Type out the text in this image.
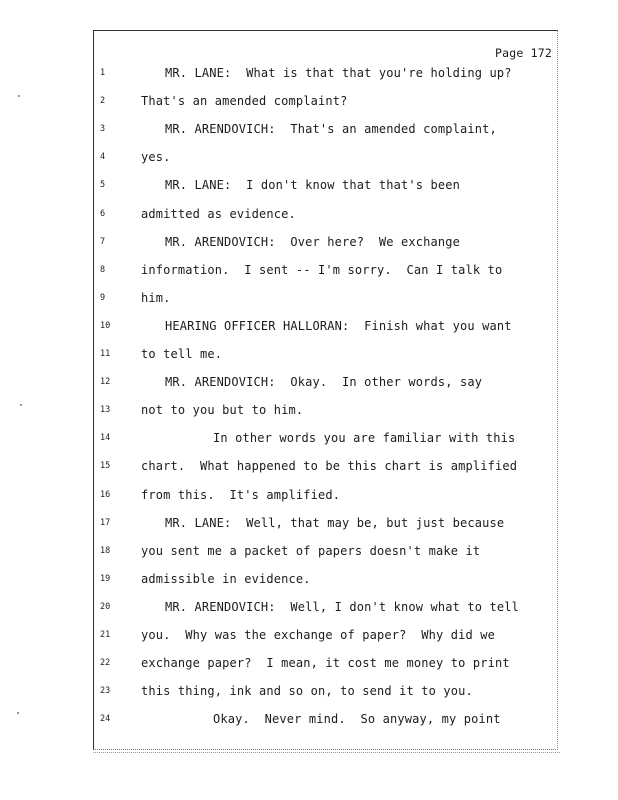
Page 172
1	MR. LANE:  What is that that you're holding up?
2	That's an amended complaint?
3	MR. ARENDOVICH:  That's an amended complaint,
4	yes.
5	MR. LANE:  I don't know that that's been
6	admitted as evidence.
7	MR. ARENDOVICH:  Over here?  We exchange
8	information.  I sent -- I'm sorry.  Can I talk to
9	him.
10	HEARING OFFICER HALLORAN:  Finish what you want
11	to tell me.
12	MR. ARENDOVICH:  Okay.  In other words, say
13	not to you but to him.
14	In other words you are familiar with this
15	chart.  What happened to be this chart is amplified
16	from this.  It's amplified.
17	MR. LANE:  Well, that may be, but just because
18	you sent me a packet of papers doesn't make it
19	admissible in evidence.
20	MR. ARENDOVICH:  Well, I don't know what to tell
21	you.  Why was the exchange of paper?  Why did we
22	exchange paper?  I mean, it cost me money to print
23	this thing, ink and so on, to send it to you.
24	Okay.  Never mind.  So anyway, my point
